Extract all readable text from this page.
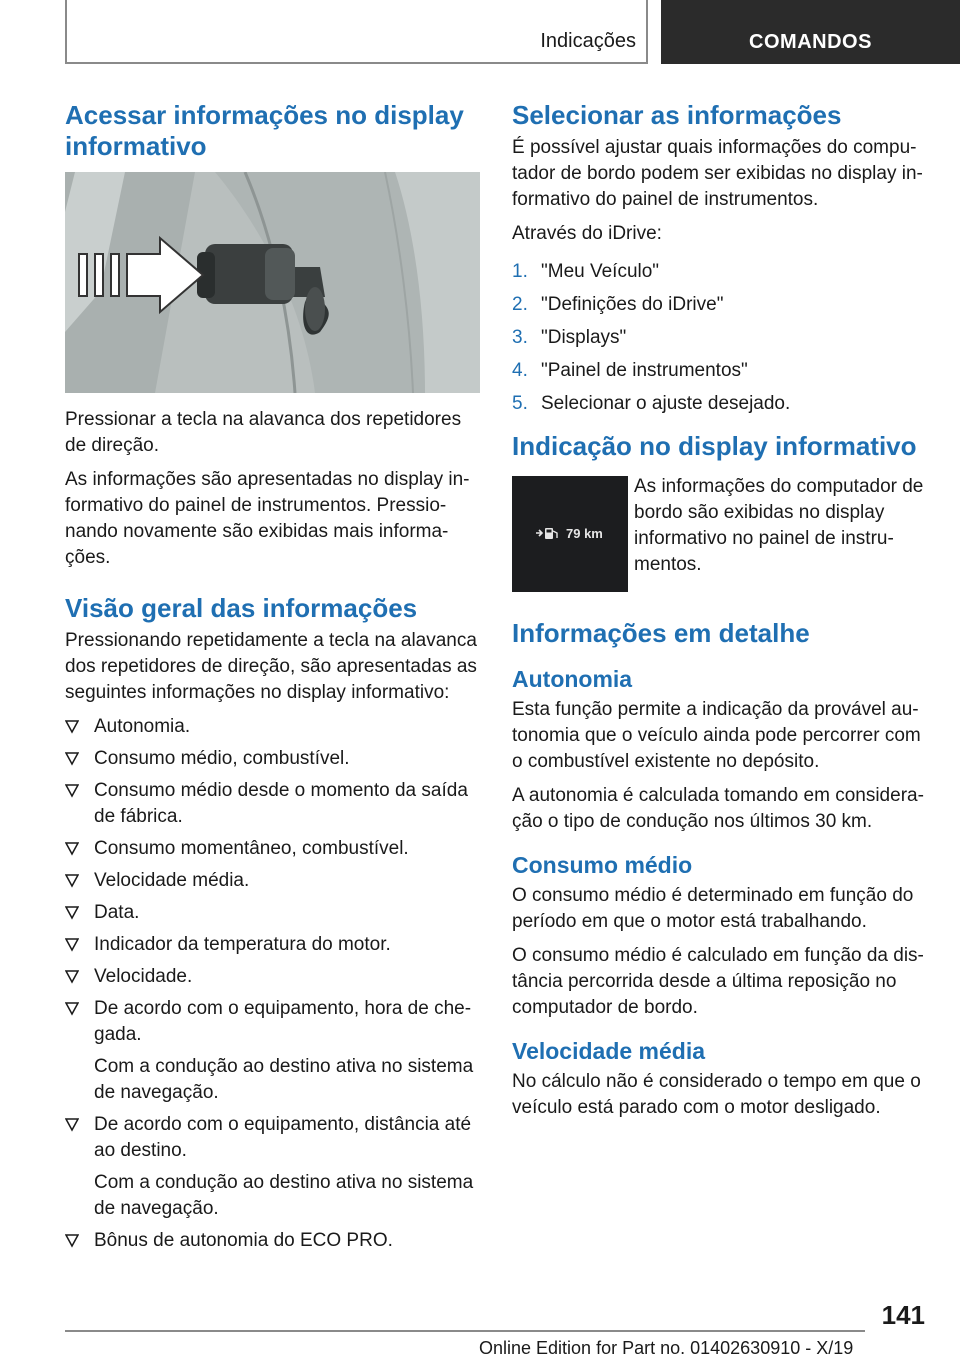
Indicações	COMANDOS
Acessar informações no display informativo

Pressionar a tecla na alavanca dos repetidores de direção.

As informações são apresentadas no display in-formativo do painel de instrumentos. Pressio-nando novamente são exibidas mais informa-ções.

Visão geral das informações

Pressionando repetidamente a tecla na alavanca dos repetidores de direção, são apresentadas as seguintes informações no display informativo:

Autonomia.
Consumo médio, combustível.
Consumo médio desde o momento da saída de fábrica.
Consumo momentâneo, combustível.
Velocidade média.
Data.
Indicador da temperatura do motor.
Velocidade.
De acordo com o equipamento, hora de che-gada.
Com a condução ao destino ativa no sistema de navegação.
De acordo com o equipamento, distância até ao destino.
Com a condução ao destino ativa no sistema de navegação.
Bônus de autonomia do ECO PRO.
Selecionar as informações

É possível ajustar quais informações do compu-tador de bordo podem ser exibidas no display in-formativo do painel de instrumentos.

Através do iDrive:

1. "Meu Veículo"
2. "Definições do iDrive"
3. "Displays"
4. "Painel de instrumentos"
5. Selecionar o ajuste desejado.
Indicação no display informativo
79 km

As informações do computador de bordo são exibidas no display informativo no painel de instru-mentos.

Informações em detalhe
Autonomia

Esta função permite a indicação da provável au-tonomia que o veículo ainda pode percorrer com o combustível existente no depósito.

A autonomia é calculada tomando em considera-ção o tipo de condução nos últimos 30 km.

Consumo médio

O consumo médio é determinado em função do período em que o motor está trabalhando.

O consumo médio é calculado em função da dis-tância percorrida desde a última reposição no computador de bordo.

Velocidade média

No cálculo não é considerado o tempo em que o veículo está parado com o motor desligado.

141
Online Edition for Part no. 01402630910 - X/19
